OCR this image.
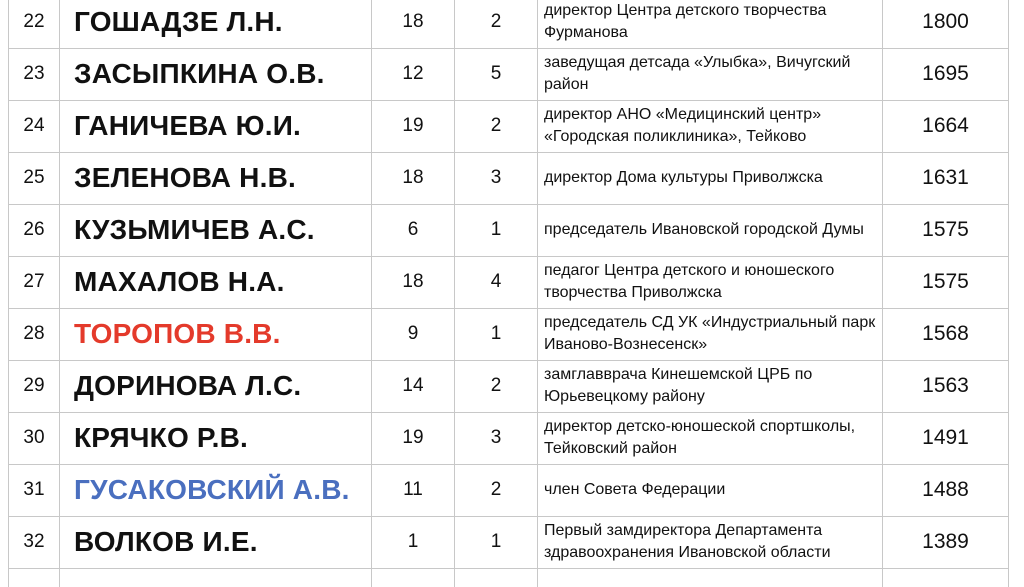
22	ГОШАДЗЕ Л.Н.	18	2	директор Центра детского творчества Фурманова	1800
23	ЗАСЫПКИНА О.В.	12	5	заведущая детсада «Улыбка», Вичугский район	1695
24	ГАНИЧЕВА Ю.И.	19	2	директор АНО «Медицинский центр» «Городская поликлиника», Тейково	1664
25	ЗЕЛЕНОВА Н.В.	18	3	директор Дома культуры Приволжска	1631
26	КУЗЬМИЧЕВ А.С.	6	1	председатель Ивановской городской Думы	1575
27	МАХАЛОВ Н.А.	18	4	педагог Центра детского и юношеского творчества Приволжска	1575
28	ТОРОПОВ В.В.	9	1	председатель СД УК «Индустриальный парк Иваново-Вознесенск»	1568
29	ДОРИНОВА Л.С.	14	2	замглавврача Кинешемской ЦРБ по Юрьевецкому району	1563
30	КРЯЧКО Р.В.	19	3	директор детско-юношеской спортшколы, Тейковский район	1491
31	ГУСАКОВСКИЙ А.В.	11	2	член Совета Федерации	1488
32	ВОЛКОВ И.Е.	1	1	Первый замдиректора Департамента здравоохранения Ивановской области	1389
